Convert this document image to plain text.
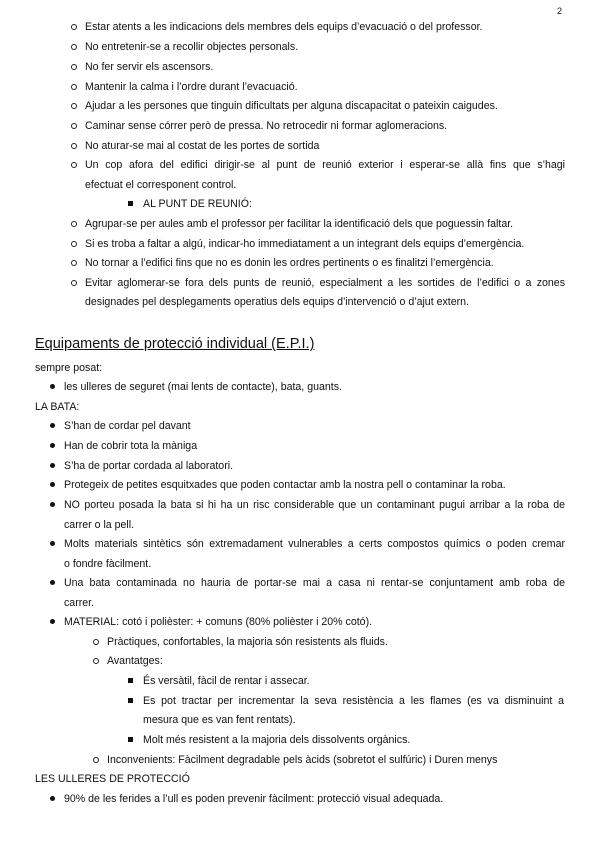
2
Estar atents a les indicacions dels membres dels equips d’evacuació o del professor.
No entretenir-se a recollir objectes personals.
No fer servir els ascensors.
Mantenir la calma i l’ordre durant l’evacuació.
Ajudar a les persones que tinguin dificultats per alguna discapacitat o pateixin caigudes.
Caminar sense córrer però de pressa. No retrocedir ni formar aglomeracions.
No aturar-se mai al costat de les portes de sortida
Un cop afora del edifici dirigir-se al punt de reunió exterior i esperar-se allà fins que s’hagi
efectuat el corresponent control.
AL PUNT DE REUNIÓ:
Agrupar-se per aules amb el professor per facilitar la identificació dels que poguessin faltar.
Si es troba a faltar a algú, indicar-ho immediatament a un integrant dels equips d’emergència.
No tornar a l’edifici fins que no es donin les ordres pertinents o es finalitzi l’emergència.
Evitar aglomerar-se fora dels punts de reunió, especialment a les sortides de l’edifici o a zones
designades pel desplegaments operatius dels equips d’intervenció o d’ajut extern.
Equipaments de protecció individual (E.P.I.)
sempre posat:
les ulleres de seguret (mai lents de contacte), bata, guants.
LA BATA:
S’han de cordar pel davant
Han de cobrir tota la màniga
S’ha de portar cordada al laboratori.
Protegeix de petites esquitxades que poden contactar amb la nostra pell o contaminar la roba.
NO porteu posada la bata si hi ha un risc considerable que un contaminant pugui arribar a la roba de
carrer o la pell.
Molts materials sintètics són extremadament vulnerables a certs compostos químics o poden cremar
o fondre fàcilment.
Una bata contaminada no hauria de portar-se mai a casa ni rentar-se conjuntament amb roba de
carrer.
MATERIAL: cotó i polièster: + comuns (80% polièster i 20% cotó).
Pràctiques, confortables, la majoria són resistents als fluids.
Avantatges:
És versàtil, fàcil de rentar i assecar.
Es pot tractar per incrementar la seva resistència a les flames (es va disminuint a
mesura que es van fent rentats).
Molt més resistent a la majoria dels dissolvents orgànics.
Inconvenients: Fàcilment degradable pels àcids (sobretot el sulfúric) i Duren menys
LES ULLERES DE PROTECCIÓ
90% de les ferides a l’ull es poden prevenir fàcilment: protecció visual adequada.
